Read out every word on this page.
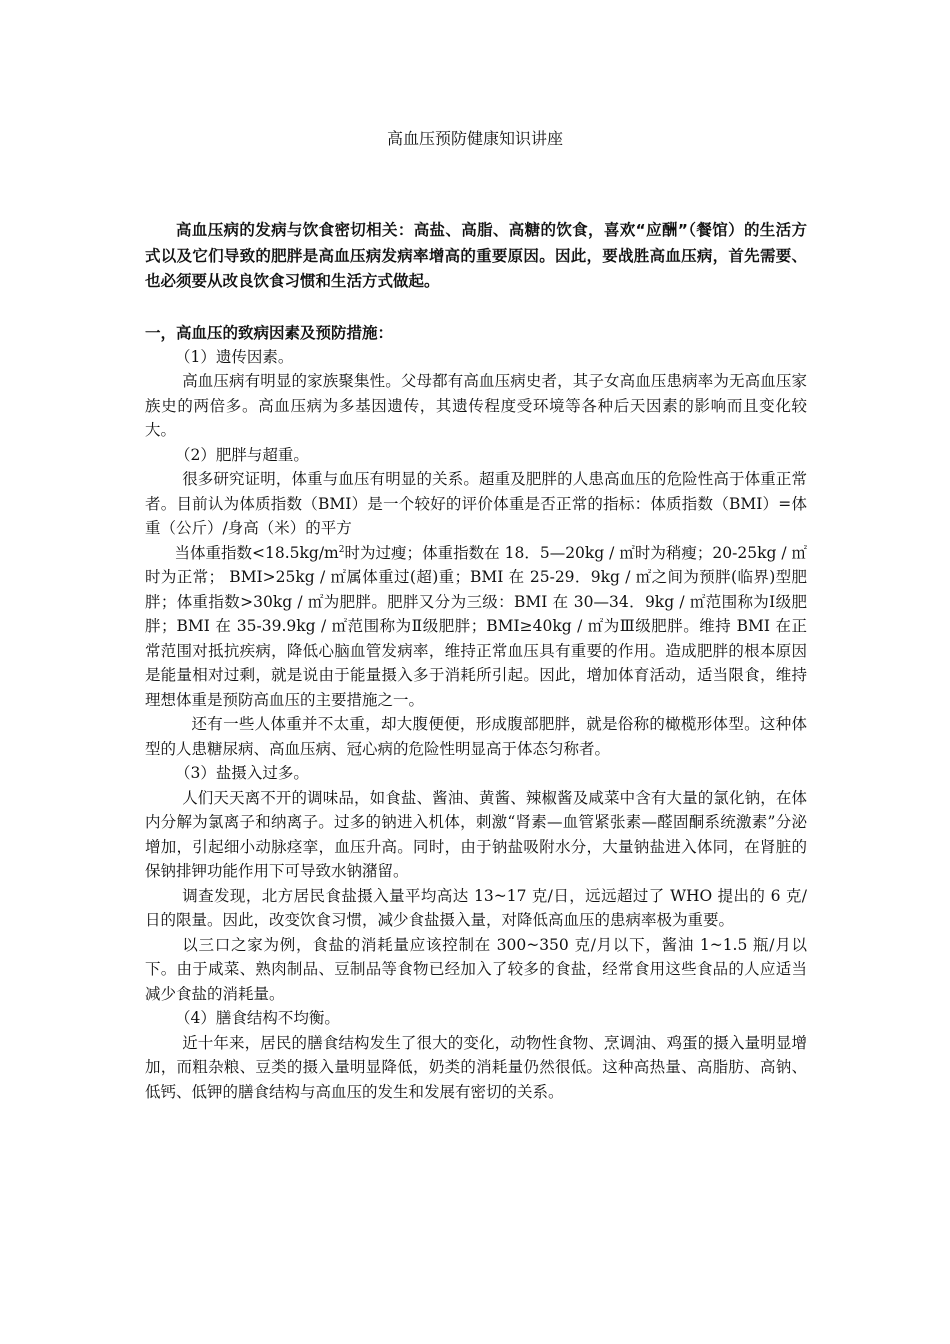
高血压预防健康知识讲座

高血压病的发病与饮食密切相关：高盐、高脂、高糖的饮食，喜欢“应酬”（餐馆）的生活方式以及它们导致的肥胖是高血压病发病率增高的重要原因。因此，要战胜高血压病，首先需要、也必须要从改良饮食习惯和生活方式做起。

一，高血压的致病因素及预防措施：

（1）遗传因素。

高血压病有明显的家族聚集性。父母都有高血压病史者，其子女高血压患病率为无高血压家族史的两倍多。高血压病为多基因遗传，其遗传程度受环境等各种后天因素的影响而且变化较大。

（2）肥胖与超重。

很多研究证明，体重与血压有明显的关系。超重及肥胖的人患高血压的危险性高于体重正常者。目前认为体质指数（BMI）是一个较好的评价体重是否正常的指标：体质指数（BMI）=体重（公斤）/身高（米）的平方

当体重指数$<18.5kg/m^2$时为过瘦；体重指数在 18．5—20kg / ㎡时为稍瘦；20-25kg / ㎡时为正常； BMI>25kg / ㎡属体重过(超)重；BMI 在 25-29．9kg / ㎡之间为预胖(临界)型肥胖；体重指数>30kg / ㎡为肥胖。肥胖又分为三级：BMI 在 30—34．9kg / ㎡范围称为Ⅰ级肥胖；BMI 在 35-39.9kg / ㎡范围称为Ⅱ级肥胖；BMI≥40kg / ㎡为Ⅲ级肥胖。维持 BMI 在正常范围对抵抗疾病，降低心脑血管发病率，维持正常血压具有重要的作用。造成肥胖的根本原因是能量相对过剩，就是说由于能量摄入多于消耗所引起。因此，增加体育活动，适当限食，维持理想体重是预防高血压的主要措施之一。

还有一些人体重并不太重，却大腹便便，形成腹部肥胖，就是俗称的橄榄形体型。这种体型的人患糖尿病、高血压病、冠心病的危险性明显高于体态匀称者。

（3）盐摄入过多。

人们天天离不开的调味品，如食盐、酱油、黄酱、辣椒酱及咸菜中含有大量的氯化钠，在体内分解为氯离子和纳离子。过多的钠进入机体，刺激“肾素—血管紧张素—醛固酮系统激素”分泌增加，引起细小动脉痉挛，血压升高。同时，由于钠盐吸附水分，大量钠盐进入体同，在肾脏的保钠排钾功能作用下可导致水钠潴留。

调查发现，北方居民食盐摄入量平均高达 13~17 克/日，远远超过了 WHO 提出的 6 克/日的限量。因此，改变饮食习惯，减少食盐摄入量，对降低高血压的患病率极为重要。

以三口之家为例，食盐的消耗量应该控制在 300~350 克/月以下，酱油 1~1.5 瓶/月以下。由于咸菜、熟肉制品、豆制品等食物已经加入了较多的食盐，经常食用这些食品的人应适当减少食盐的消耗量。

（4）膳食结构不均衡。

近十年来，居民的膳食结构发生了很大的变化，动物性食物、烹调油、鸡蛋的摄入量明显增加，而粗杂粮、豆类的摄入量明显降低，奶类的消耗量仍然很低。这种高热量、高脂肪、高钠、低钙、低钾的膳食结构与高血压的发生和发展有密切的关系。
